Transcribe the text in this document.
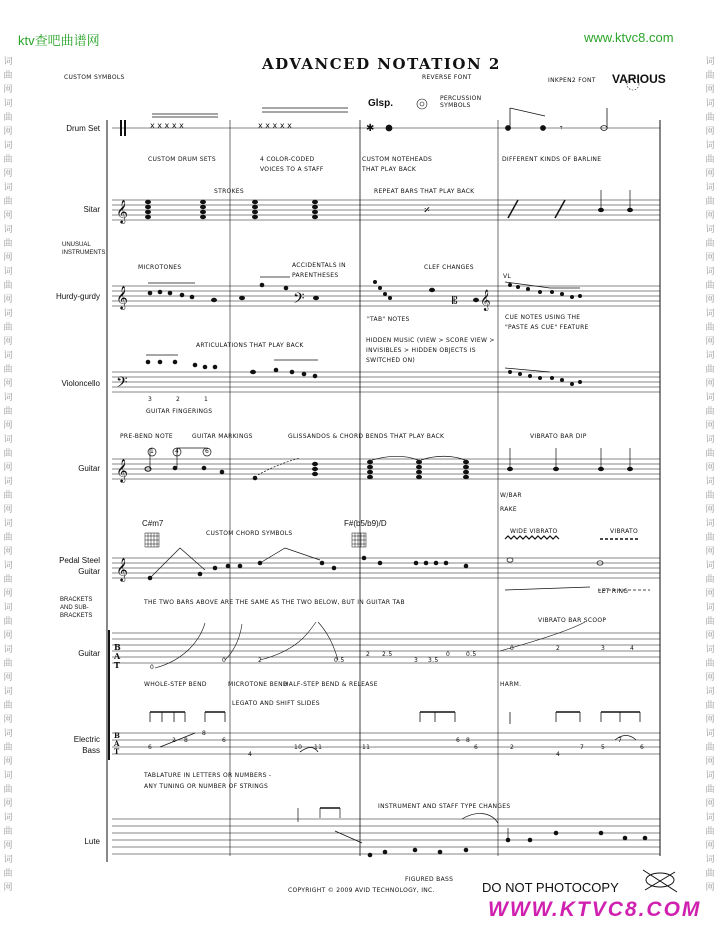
𝄞
𝄞
𝄢
𝄞
𝄞
T
A
B
T
A
B
x x x x x	x x x x x	✱	𝄾
𝄎
𝄢	𝄡 𝄞
ktv查吧曲谱网	www.ktvc8.com
WWW.KTVC8.COM
词
曲
网
词
曲
网
词
曲
网
词
曲
网
词
曲
网
词
曲
网
词
曲
网
词
曲
网
词
曲
网
词
曲
网
词
曲
网
词
曲
网
词
曲
网
词
曲
网
词
曲
网
词
曲
网
词
曲
网
词
曲
网
词
曲
网
词
曲
网
词
曲
网
词
曲
网
词
曲
网
词
曲
网
词
曲
网
词
曲
网
词
曲
网
词
曲
网
词
曲
网
词
曲
网
词
曲
网
词
曲
网
词
曲
网
词
曲
网
词
曲
网
词
曲
网
词
曲
网
词
曲
网
词
曲
网
词
曲
网
ADVANCED NOTATION 2
CUSTOM SYMBOLS	REVERSE FONT	INKPEN2 FONT VARIOUS
Drum Set
Sitar
UNUSUAL INSTRUMENTS
Hurdy-gurdy
Violoncello
Guitar
Pedal Steel
Guitar
BRACKETS AND SUB-BRACKETS
Guitar
Electric
Bass
Lute
Glsp.	PERCUSSION SYMBOLS
CUSTOM DRUM SETS	4 COLOR-CODED
VOICES TO A STAFF
CUSTOM NOTEHEADS
THAT PLAY BACK
DIFFERENT KINDS OF BARLINE
STROKES	REPEAT BARS THAT PLAY BACK
MICROTONES	ACCIDENTALS IN
PARENTHESES
CLEF CHANGES
VL
"TAB" NOTES	CUE NOTES USING THE
"PASTE AS CUE" FEATURE
ARTICULATIONS THAT PLAY BACK
HIDDEN MUSIC (VIEW > SCORE VIEW >
INVISIBLES > HIDDEN OBJECTS IS
SWITCHED ON)
3	2	1
GUITAR FINGERINGS
PRE-BEND NOTE	GUITAR MARKINGS	GLISSANDOS & CHORD BENDS THAT PLAY BACK	VIBRATO BAR DIP
1	4	6
W/BAR
RAKE
C#m7
CUSTOM CHORD SYMBOLS
F#(b5/b9)/D
WIDE VIBRATO	VIBRATO
LET RING
THE TWO BARS ABOVE ARE THE SAME AS THE TWO BELOW, BUT IN GUITAR TAB
VIBRATO BAR SCOOP
0
0	2	0.5
2 2.5
3 3.5
0	0.5
0	2	3	4
WHOLE-STEP BEND	MICROTONE BEND
HALF-STEP BEND & RELEASE	HARM.
LEGATO AND SHIFT SLIDES
6
2 8
8
6
4
10 11	11
6 8
6	2
4
7	5
7
6
TABLATURE IN LETTERS OR NUMBERS -
ANY TUNING OR NUMBER OF STRINGS
INSTRUMENT AND STAFF TYPE CHANGES
FIGURED BASS
COPYRIGHT © 2009 AVID TECHNOLOGY, INC.	DO NOT PHOTOCOPY
